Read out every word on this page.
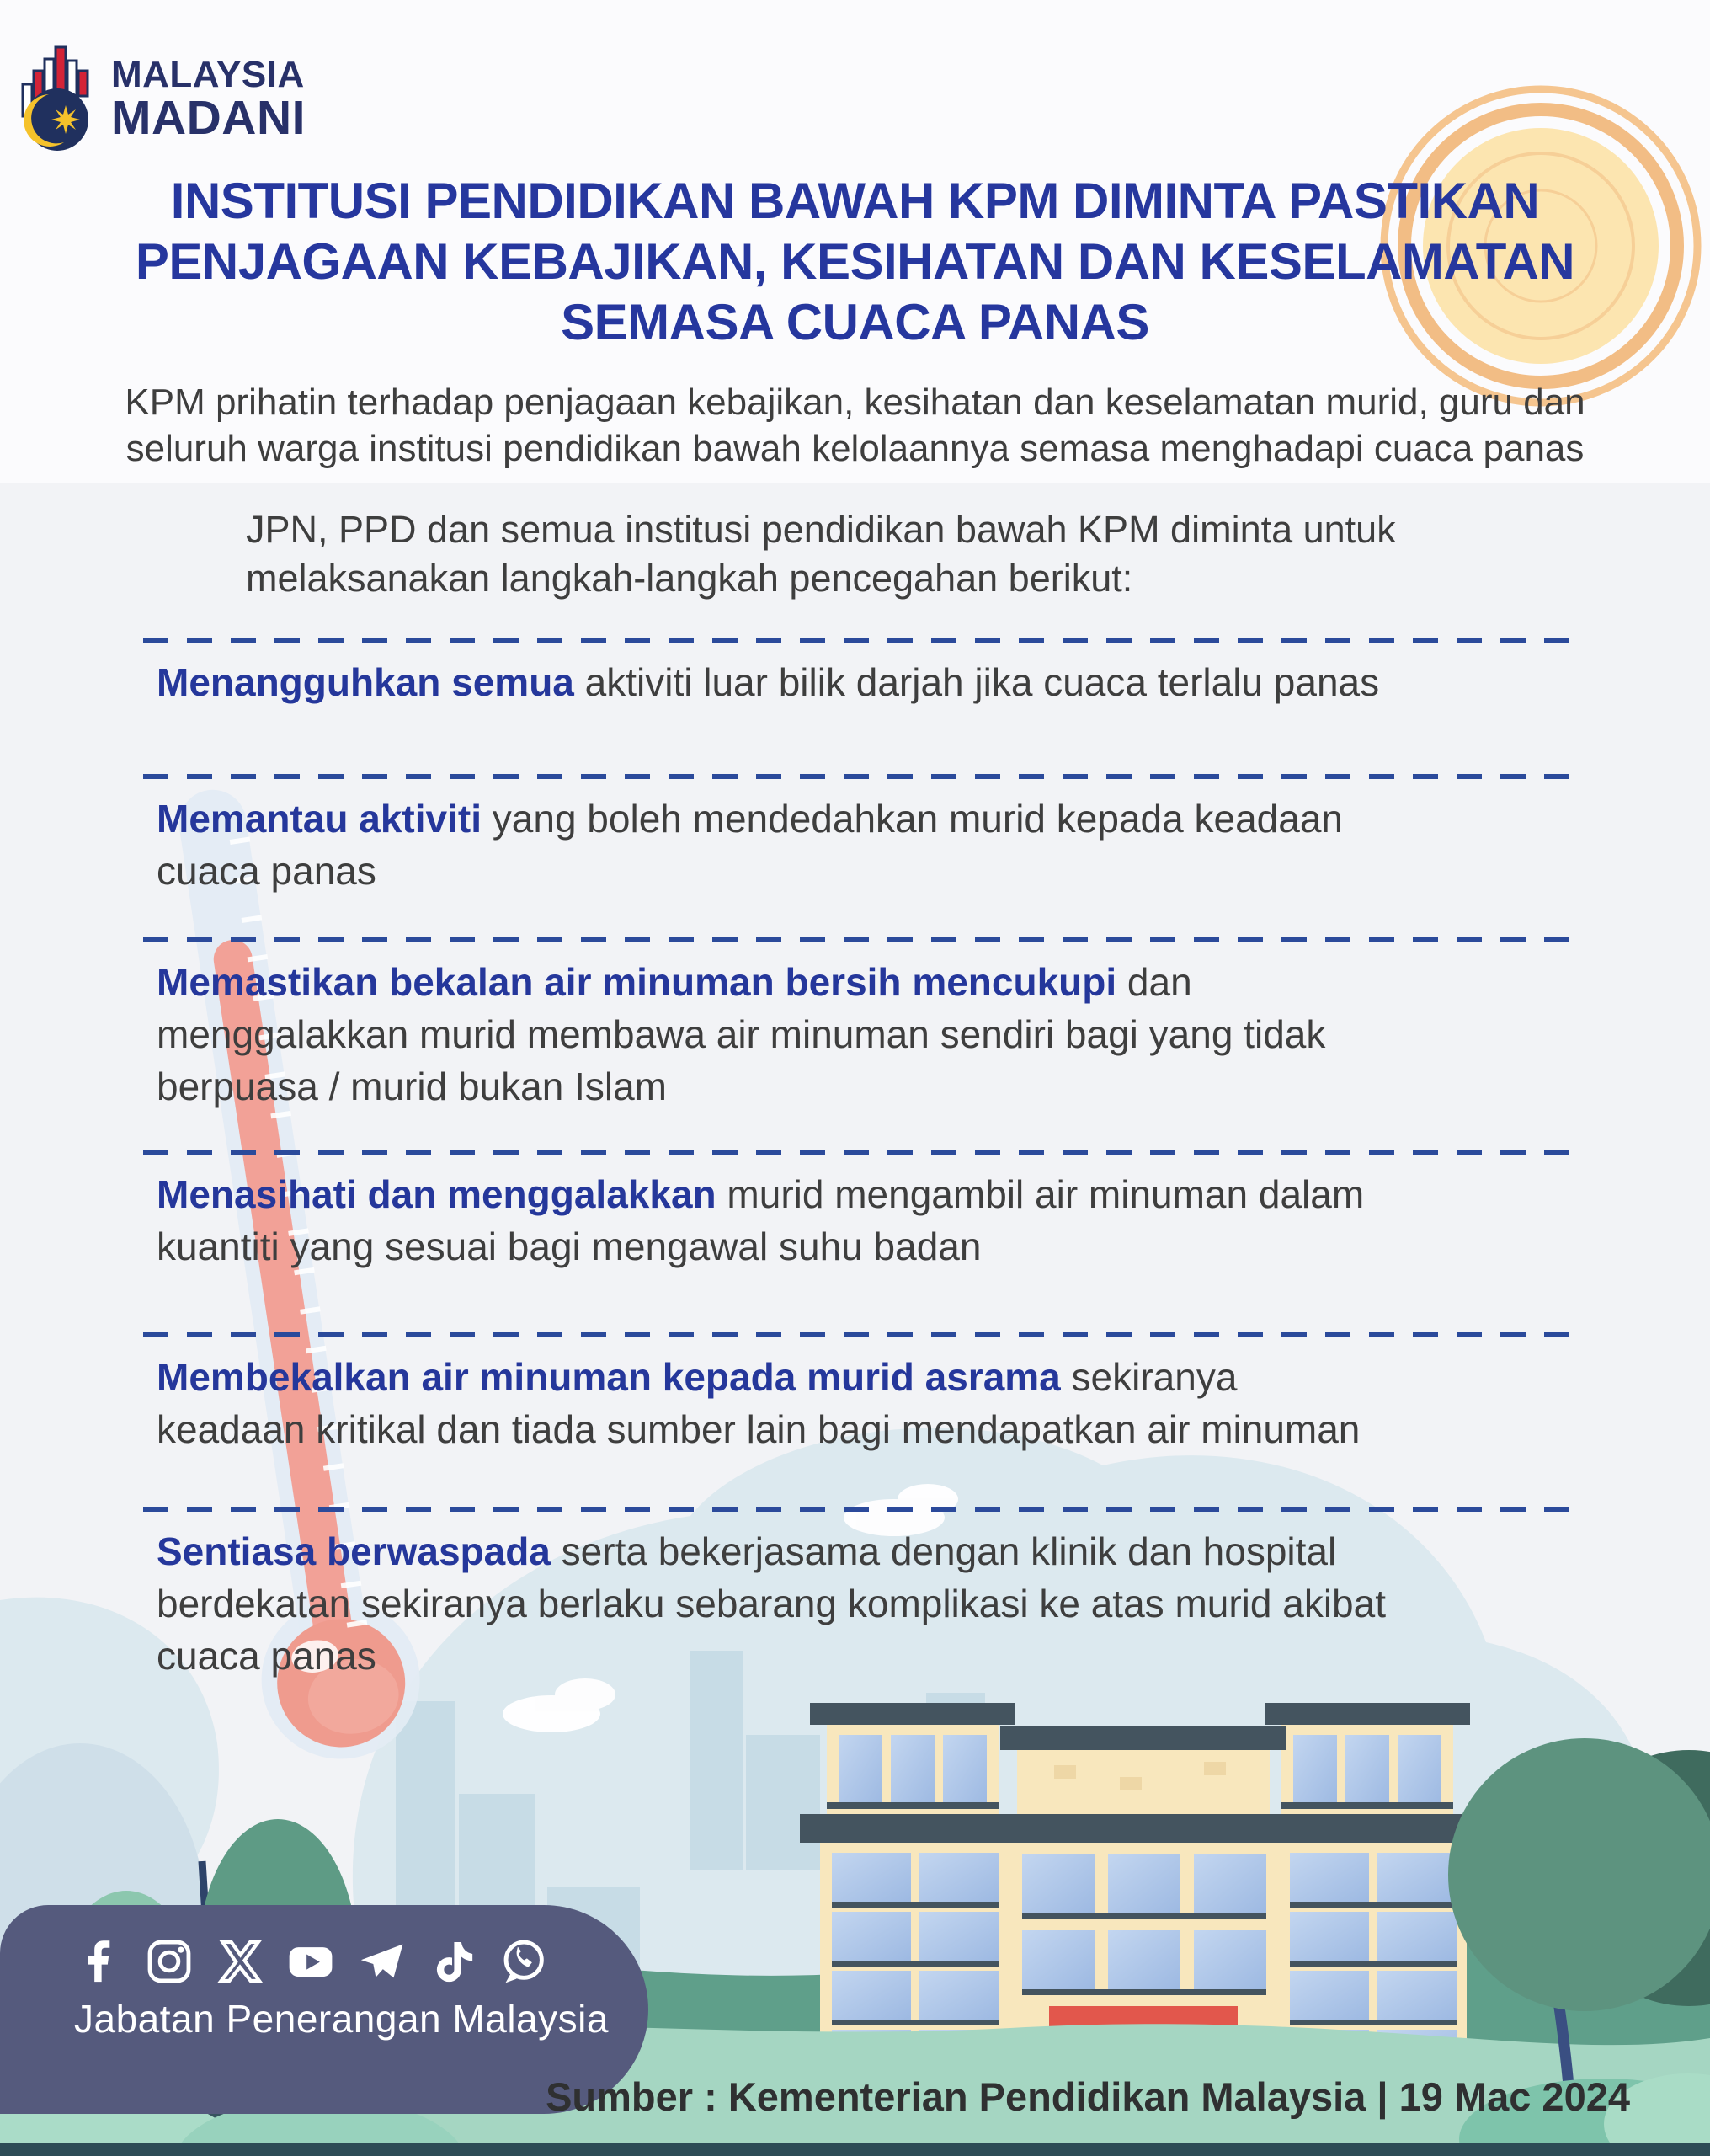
MALAYSIA
MADANI
INSTITUSI PENDIDIKAN BAWAH KPM DIMINTA PASTIKAN
PENJAGAAN KEBAJIKAN, KESIHATAN DAN KESELAMATAN
SEMASA CUACA PANAS

KPM prihatin terhadap penjagaan kebajikan, kesihatan dan keselamatan murid, guru dan
seluruh warga institusi pendidikan bawah kelolaannya semasa menghadapi cuaca panas

JPN, PPD dan semua institusi pendidikan bawah KPM diminta untuk
melaksanakan langkah-langkah pencegahan berikut:

Menangguhkan semua aktiviti luar bilik darjah jika cuaca terlalu panas

Memantau aktiviti yang boleh mendedahkan murid kepada keadaan
cuaca panas

Memastikan bekalan air minuman bersih mencukupi dan
menggalakkan murid membawa air minuman sendiri bagi yang tidak
berpuasa / murid bukan Islam

Menasihati dan menggalakkan murid mengambil air minuman dalam
kuantiti yang sesuai bagi mengawal suhu badan

Membekalkan air minuman kepada murid asrama sekiranya
keadaan kritikal dan tiada sumber lain bagi mendapatkan air minuman

Sentiasa berwaspada serta bekerjasama dengan klinik dan hospital
berdekatan sekiranya berlaku sebarang komplikasi ke atas murid akibat
cuaca panas

Jabatan Penerangan Malaysia
Sumber : Kementerian Pendidikan Malaysia | 19 Mac 2024
